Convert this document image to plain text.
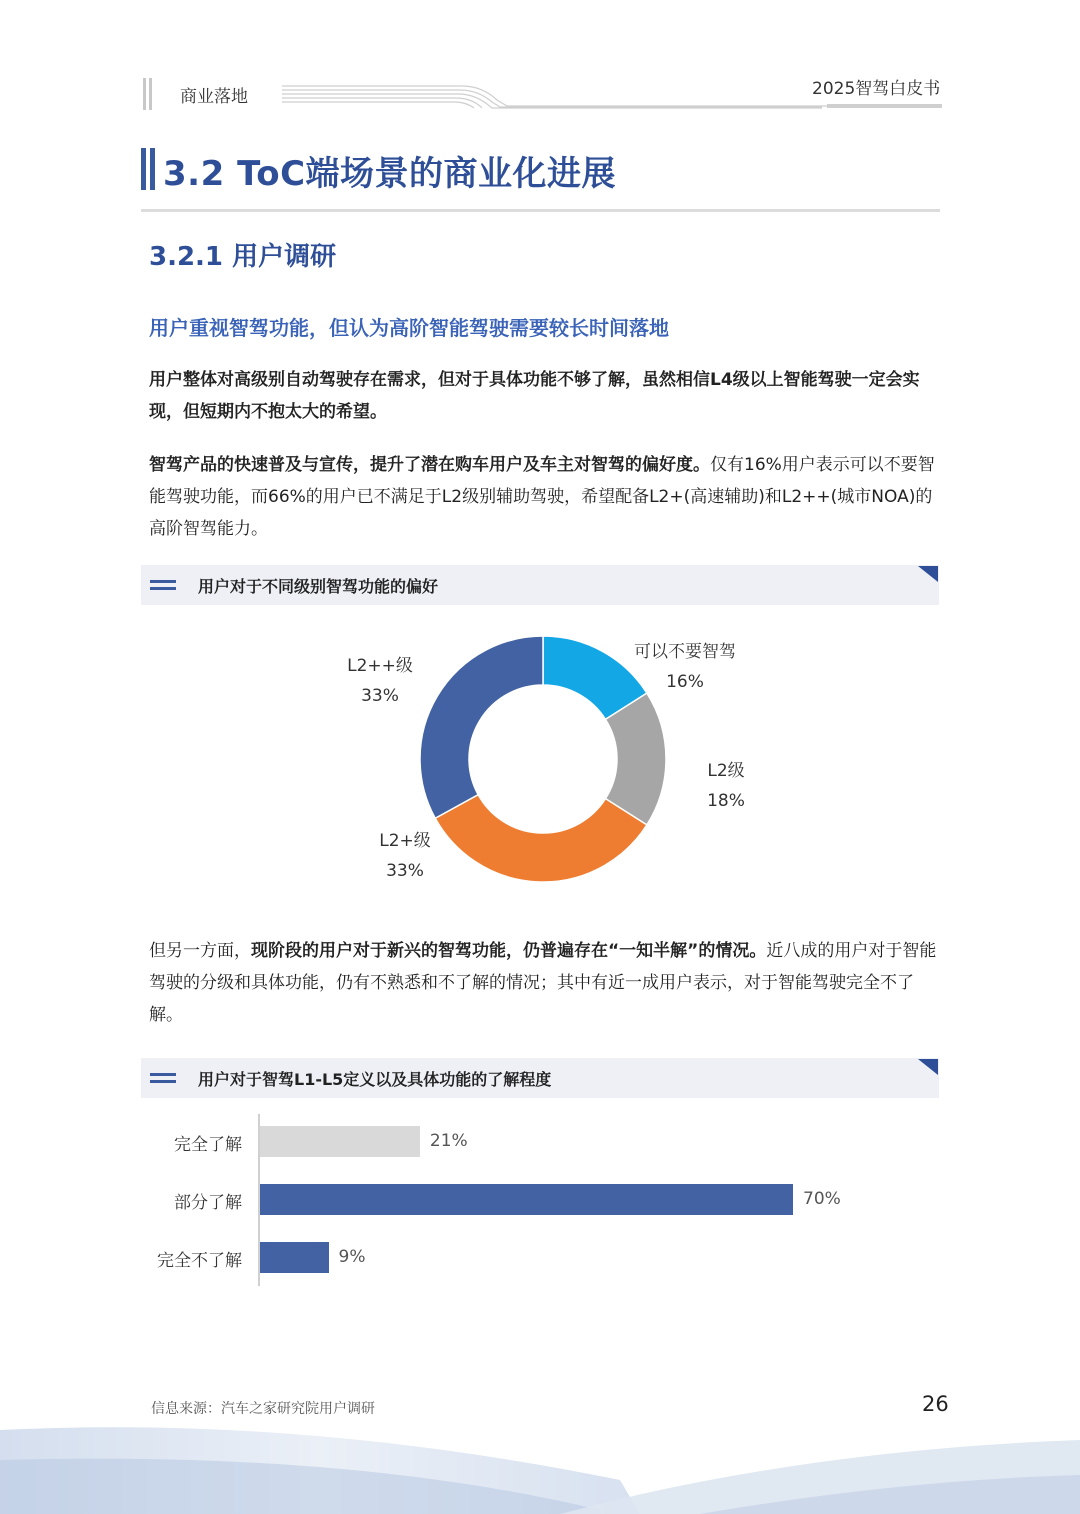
商业落地	2025智驾白皮书
3.2 ToC端场景的商业化进展
3.2.1 用户调研
用户重视智驾功能，但认为高阶智能驾驶需要较长时间落地
用户整体对高级别自动驾驶存在需求，但对于具体功能不够了解，虽然相信L4级以上智能驾驶一定会实现，但短期内不抱太大的希望。
智驾产品的快速普及与宣传，提升了潜在购车用户及车主对智驾的偏好度。仅有16%用户表示可以不要智能驾驶功能，而66%的用户已不满足于L2级别辅助驾驶，希望配备L2+(高速辅助)和L2++(城市NOA)的高阶智驾能力。
用户对于不同级别智驾功能的偏好
可以不要智驾
16%
L2级
18%
L2+级
33%
L2++级
33%
但另一方面，现阶段的用户对于新兴的智驾功能，仍普遍存在“一知半解”的情况。近八成的用户对于智能驾驶的分级和具体功能，仍有不熟悉和不了解的情况；其中有近一成用户表示，对于智能驾驶完全不了解。
用户对于智驾L1-L5定义以及具体功能的了解程度
完全了解	21%
部分了解	70%
完全不了解	9%
信息来源：汽车之家研究院用户调研	26
